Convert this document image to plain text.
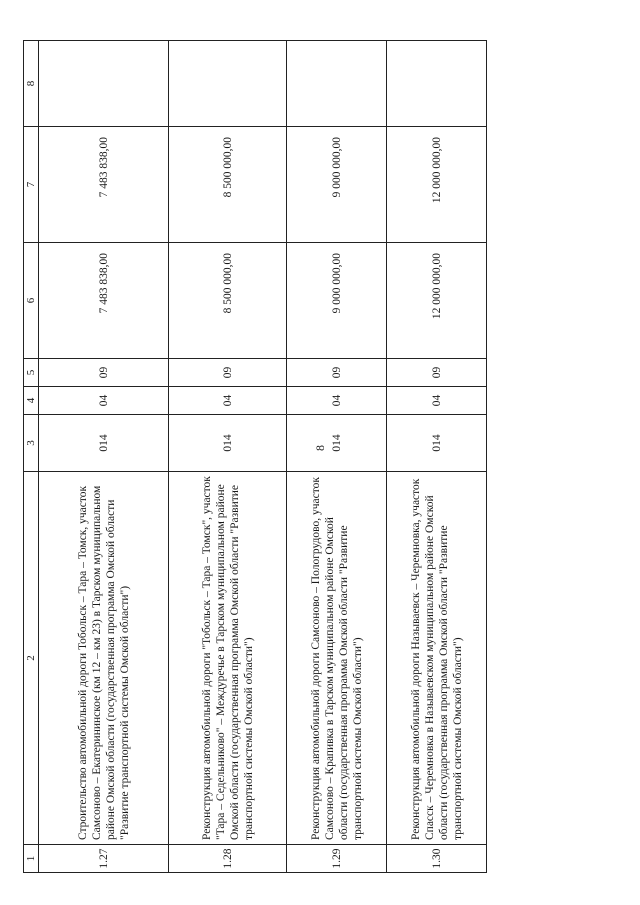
8
1	2	3	4	5	6	7	8
1.27	Строительство автомобильной дороги Тобольск – Тара – Томск, участок Самсоново – Екатерининское (км 12 – км 23) в Тарском муниципальном районе Омской области (государственная программа Омской области "Развитие транспортной системы Омской области")	014	04	09	7 483 838,00	7 483 838,00	
1.28	Реконструкция автомобильной дороги "Тобольск – Тара – Томск", участок "Тара – Седельниково" – Междуречье в Тарском муниципальном районе Омской области (государственная программа Омской области "Развитие транспортной системы Омской области")	014	04	09	8 500 000,00	8 500 000,00	
1.29	Реконструкция автомобильной дороги Самсоново – Пологрудово, участок Самсоново – Крапивка в Тарском муниципальном районе Омской области (государственная программа Омской области "Развитие транспортной системы Омской области")	014	04	09	9 000 000,00	9 000 000,00	
1.30	Реконструкция автомобильной дороги Называевск – Черемновка, участок Спасск – Черемновка в Называевском муниципальном районе Омской области (государственная программа Омской области "Развитие транспортной системы Омской области")	014	04	09	12 000 000,00	12 000 000,00	
